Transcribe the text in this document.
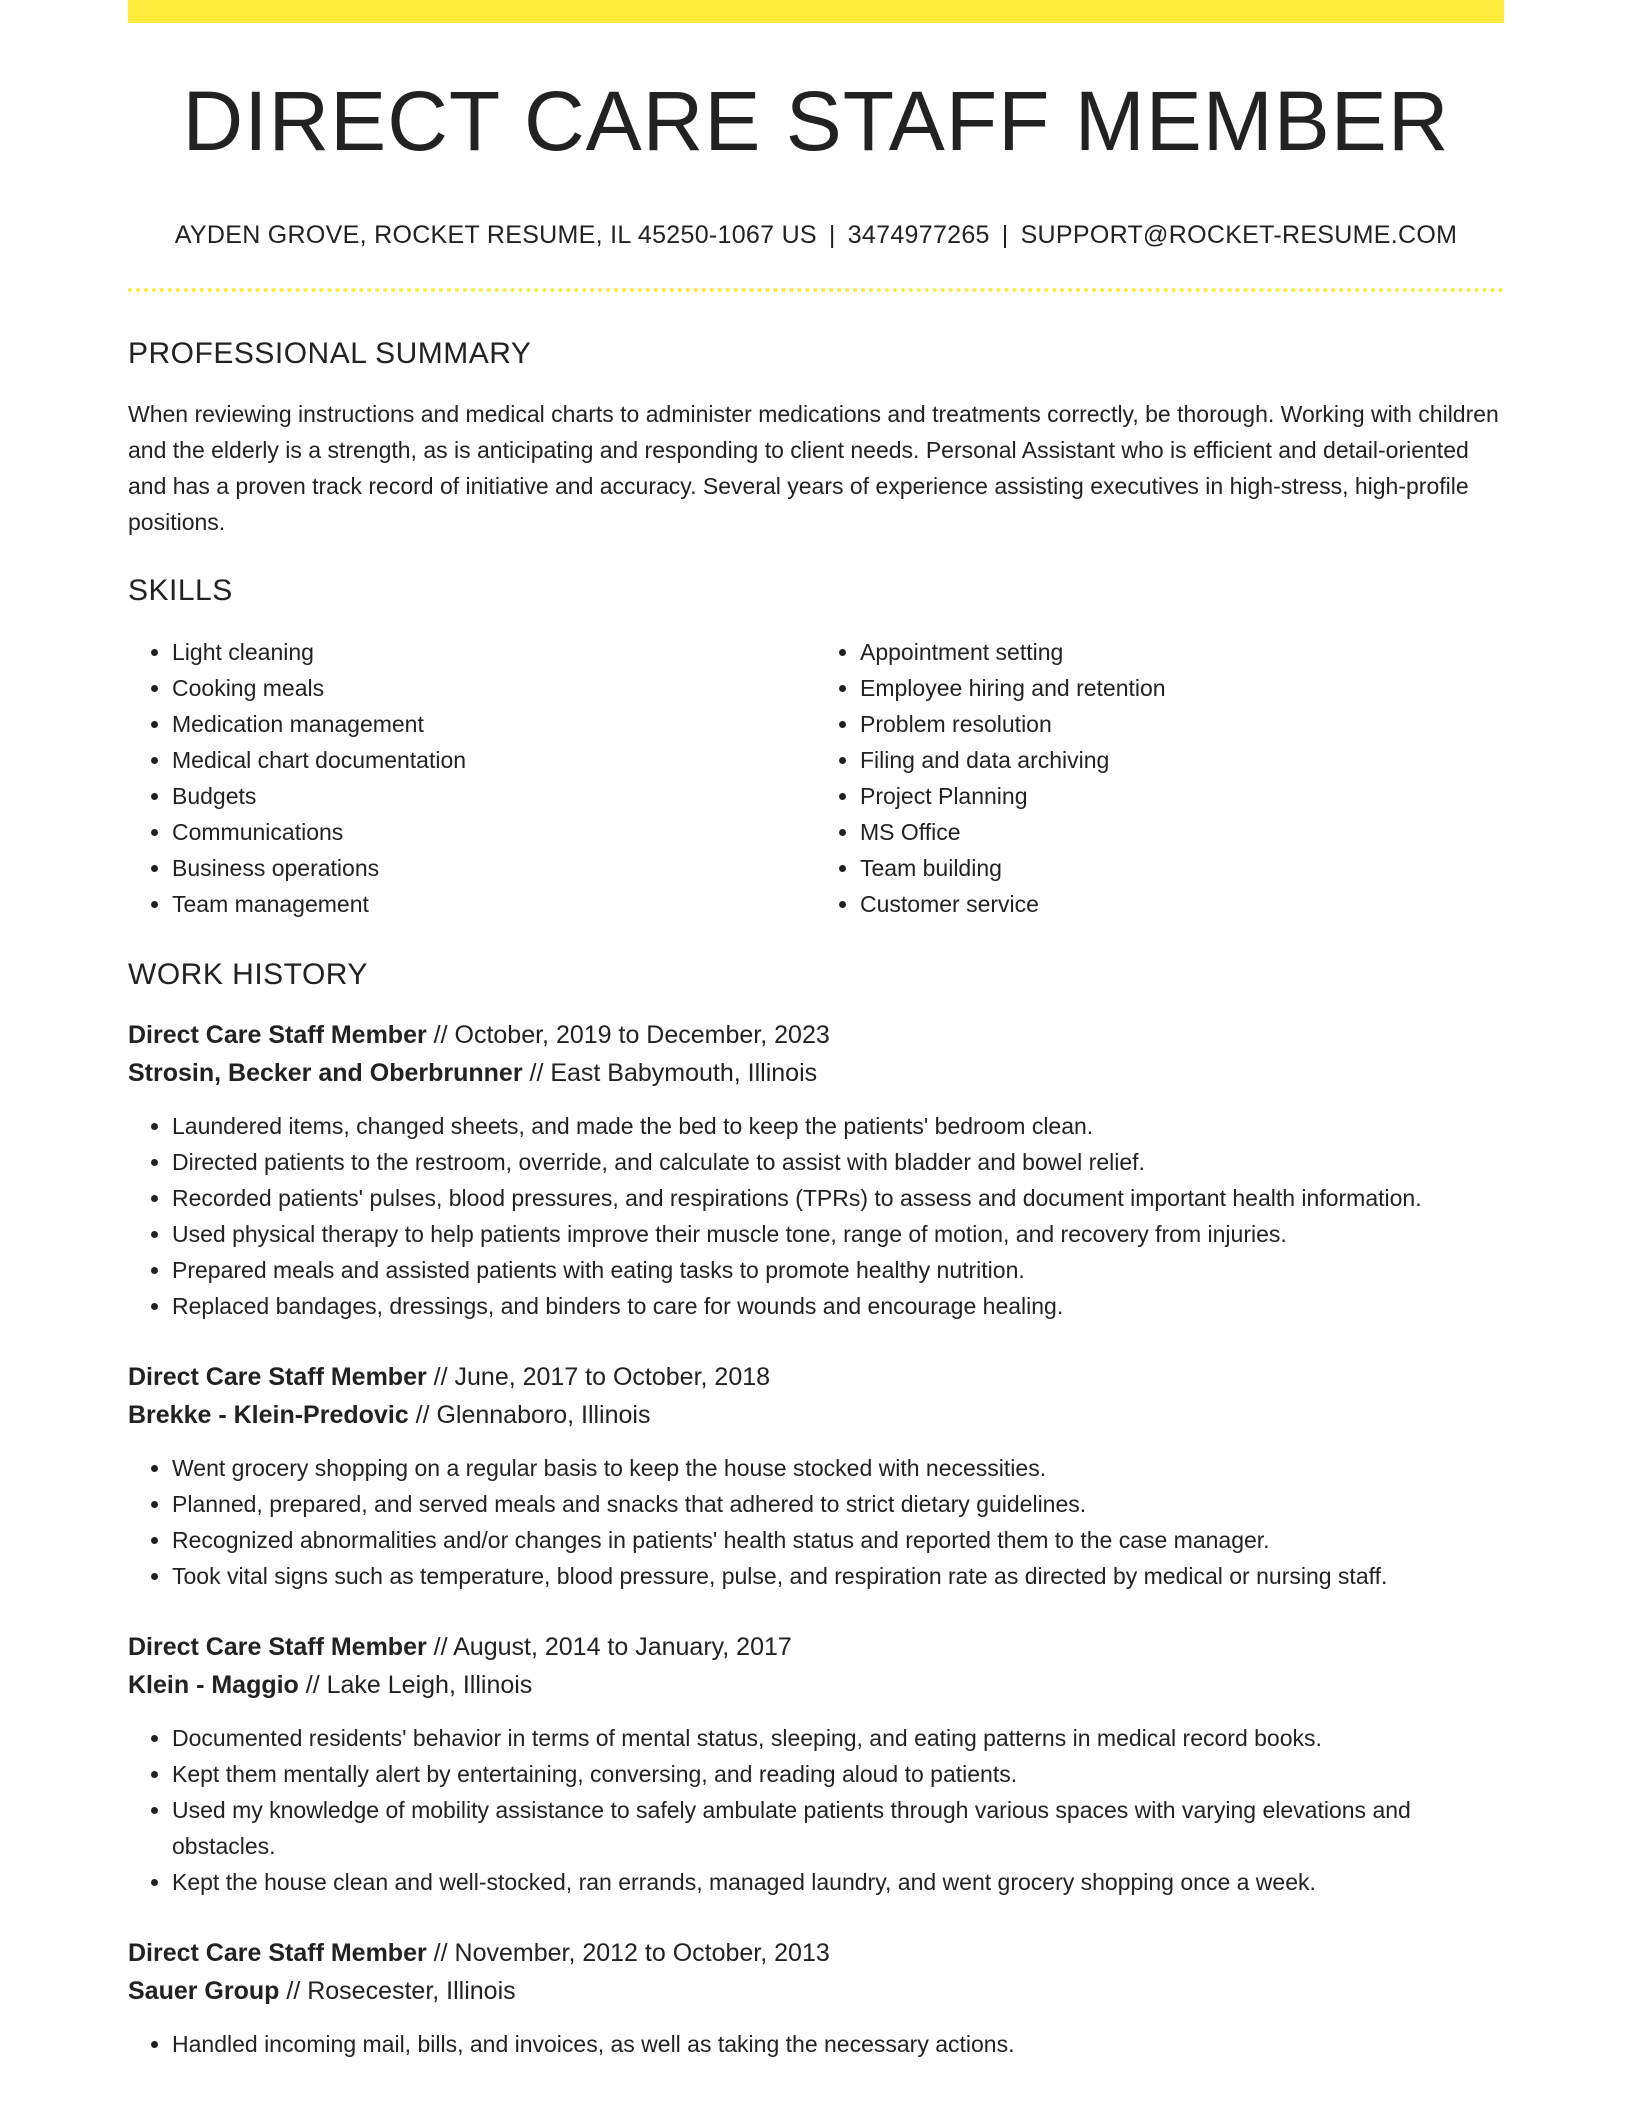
DIRECT CARE STAFF MEMBER
AYDEN GROVE, ROCKET RESUME, IL 45250-1067 US | 3474977265 | SUPPORT@ROCKET-RESUME.COM
PROFESSIONAL SUMMARY
When reviewing instructions and medical charts to administer medications and treatments correctly, be thorough. Working with children and the elderly is a strength, as is anticipating and responding to client needs. Personal Assistant who is efficient and detail-oriented and has a proven track record of initiative and accuracy. Several years of experience assisting executives in high-stress, high-profile positions.
SKILLS
• Light cleaning
• Cooking meals
• Medication management
• Medical chart documentation
• Budgets
• Communications
• Business operations
• Team management
• Appointment setting
• Employee hiring and retention
• Problem resolution
• Filing and data archiving
• Project Planning
• MS Office
• Team building
• Customer service
WORK HISTORY
Direct Care Staff Member // October, 2019 to December, 2023
Strosin, Becker and Oberbrunner // East Babymouth, Illinois
• Laundered items, changed sheets, and made the bed to keep the patients' bedroom clean.
• Directed patients to the restroom, override, and calculate to assist with bladder and bowel relief.
• Recorded patients' pulses, blood pressures, and respirations (TPRs) to assess and document important health information.
• Used physical therapy to help patients improve their muscle tone, range of motion, and recovery from injuries.
• Prepared meals and assisted patients with eating tasks to promote healthy nutrition.
• Replaced bandages, dressings, and binders to care for wounds and encourage healing.
Direct Care Staff Member // June, 2017 to October, 2018
Brekke - Klein-Predovic // Glennaboro, Illinois
• Went grocery shopping on a regular basis to keep the house stocked with necessities.
• Planned, prepared, and served meals and snacks that adhered to strict dietary guidelines.
• Recognized abnormalities and/or changes in patients' health status and reported them to the case manager.
• Took vital signs such as temperature, blood pressure, pulse, and respiration rate as directed by medical or nursing staff.
Direct Care Staff Member // August, 2014 to January, 2017
Klein - Maggio // Lake Leigh, Illinois
• Documented residents' behavior in terms of mental status, sleeping, and eating patterns in medical record books.
• Kept them mentally alert by entertaining, conversing, and reading aloud to patients.
• Used my knowledge of mobility assistance to safely ambulate patients through various spaces with varying elevations and obstacles.
• Kept the house clean and well-stocked, ran errands, managed laundry, and went grocery shopping once a week.
Direct Care Staff Member // November, 2012 to October, 2013
Sauer Group // Rosecester, Illinois
• Handled incoming mail, bills, and invoices, as well as taking the necessary actions.
